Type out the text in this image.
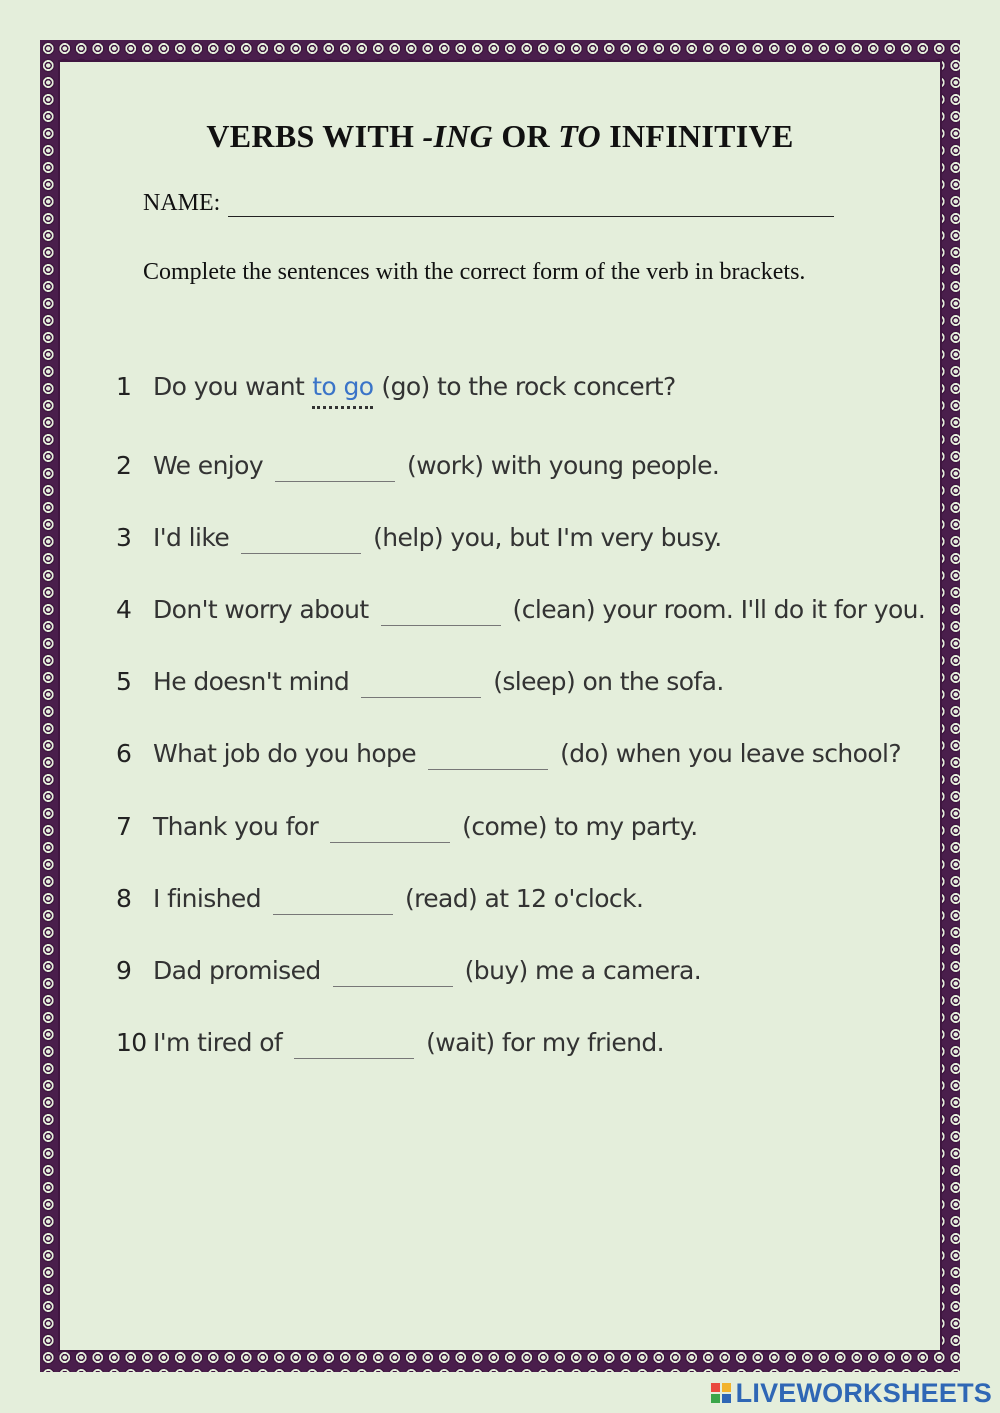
VERBS WITH -ING OR TO INFINITIVE
NAME:
Complete the sentences with the correct form of the verb in brackets.
1 Do you want to go (go) to the rock concert?
2 We enjoy	(work) with young people.
3 I'd like	(help) you, but I'm very busy.
4 Don't worry about	(clean) your room. I'll do it for you.
5 He doesn't mind	(sleep) on the sofa.
6 What job do you hope	(do) when you leave school?
7 Thank you for	(come) to my party.
8 I finished	(read) at 12 o'clock.
9 Dad promised	(buy) me a camera.
10 I'm tired of	(wait) for my friend.
LIVEWORKSHEETS
